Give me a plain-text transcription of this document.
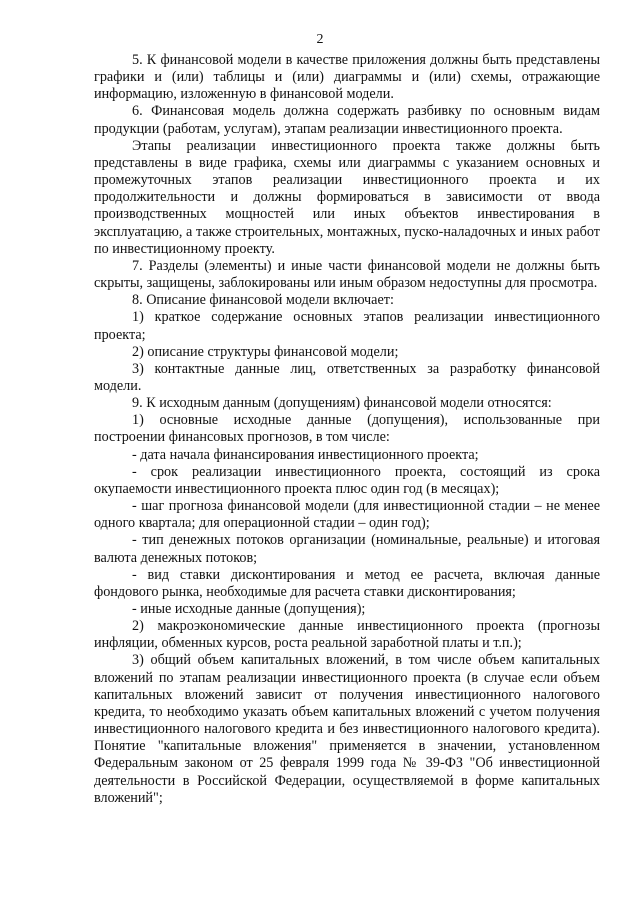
2

5. К финансовой модели в качестве приложения должны быть представлены графики и (или) таблицы и (или) диаграммы и (или) схемы, отражающие информацию, изложенную в финансовой модели.

6. Финансовая модель должна содержать разбивку по основным видам продукции (работам, услугам), этапам реализации инвестиционного проекта.

Этапы реализации инвестиционного проекта также должны быть представлены в виде графика, схемы или диаграммы с указанием основных и промежуточных этапов реализации инвестиционного проекта и их продолжительности и должны формироваться в зависимости от ввода производственных мощностей или иных объектов инвестирования в эксплуатацию, а также строительных, монтажных, пуско-наладочных и иных работ по инвестиционному проекту.

7. Разделы (элементы) и иные части финансовой модели не должны быть скрыты, защищены, заблокированы или иным образом недоступны для просмотра.

8. Описание финансовой модели включает:

1) краткое содержание основных этапов реализации инвестиционного проекта;

2) описание структуры финансовой модели;

3) контактные данные лиц, ответственных за разработку финансовой модели.

9. К исходным данным (допущениям) финансовой модели относятся:

1) основные исходные данные (допущения), использованные при построении финансовых прогнозов, в том числе:

- дата начала финансирования инвестиционного проекта;

- срок реализации инвестиционного проекта, состоящий из срока окупаемости инвестиционного проекта плюс один год (в месяцах);

- шаг прогноза финансовой модели (для инвестиционной стадии – не менее одного квартала; для операционной стадии – один год);

- тип денежных потоков организации (номинальные, реальные) и итоговая валюта денежных потоков;

- вид ставки дисконтирования и метод ее расчета, включая данные фондового рынка, необходимые для расчета ставки дисконтирования;

- иные исходные данные (допущения);

2) макроэкономические данные инвестиционного проекта (прогнозы инфляции, обменных курсов, роста реальной заработной платы и т.п.);

3) общий объем капитальных вложений, в том числе объем капитальных вложений по этапам реализации инвестиционного проекта (в случае если объем капитальных вложений зависит от получения инвестиционного налогового кредита, то необходимо указать объем капитальных вложений с учетом получения инвестиционного налогового кредита и без инвестиционного налогового кредита). Понятие "капитальные вложения" применяется в значении, установленном Федеральным законом от 25 февраля 1999 года № 39-ФЗ "Об инвестиционной деятельности в Российской Федерации, осуществляемой в форме капитальных вложений";
